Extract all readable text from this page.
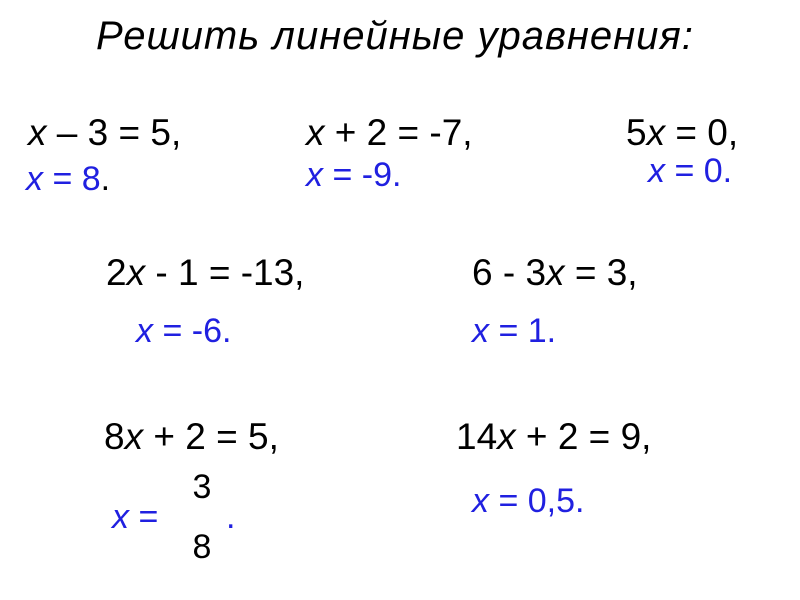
Решить линейные уравнения:
x – 3 = 5,
x = 8.
x + 2 = -7,
x = -9.
5x = 0,
x = 0.
2x - 1 = -13,
x = -6.
6 - 3x = 3,
x = 1.
8x + 2 = 5,
x =
3
8
.
14x + 2 = 9,
x = 0,5.
